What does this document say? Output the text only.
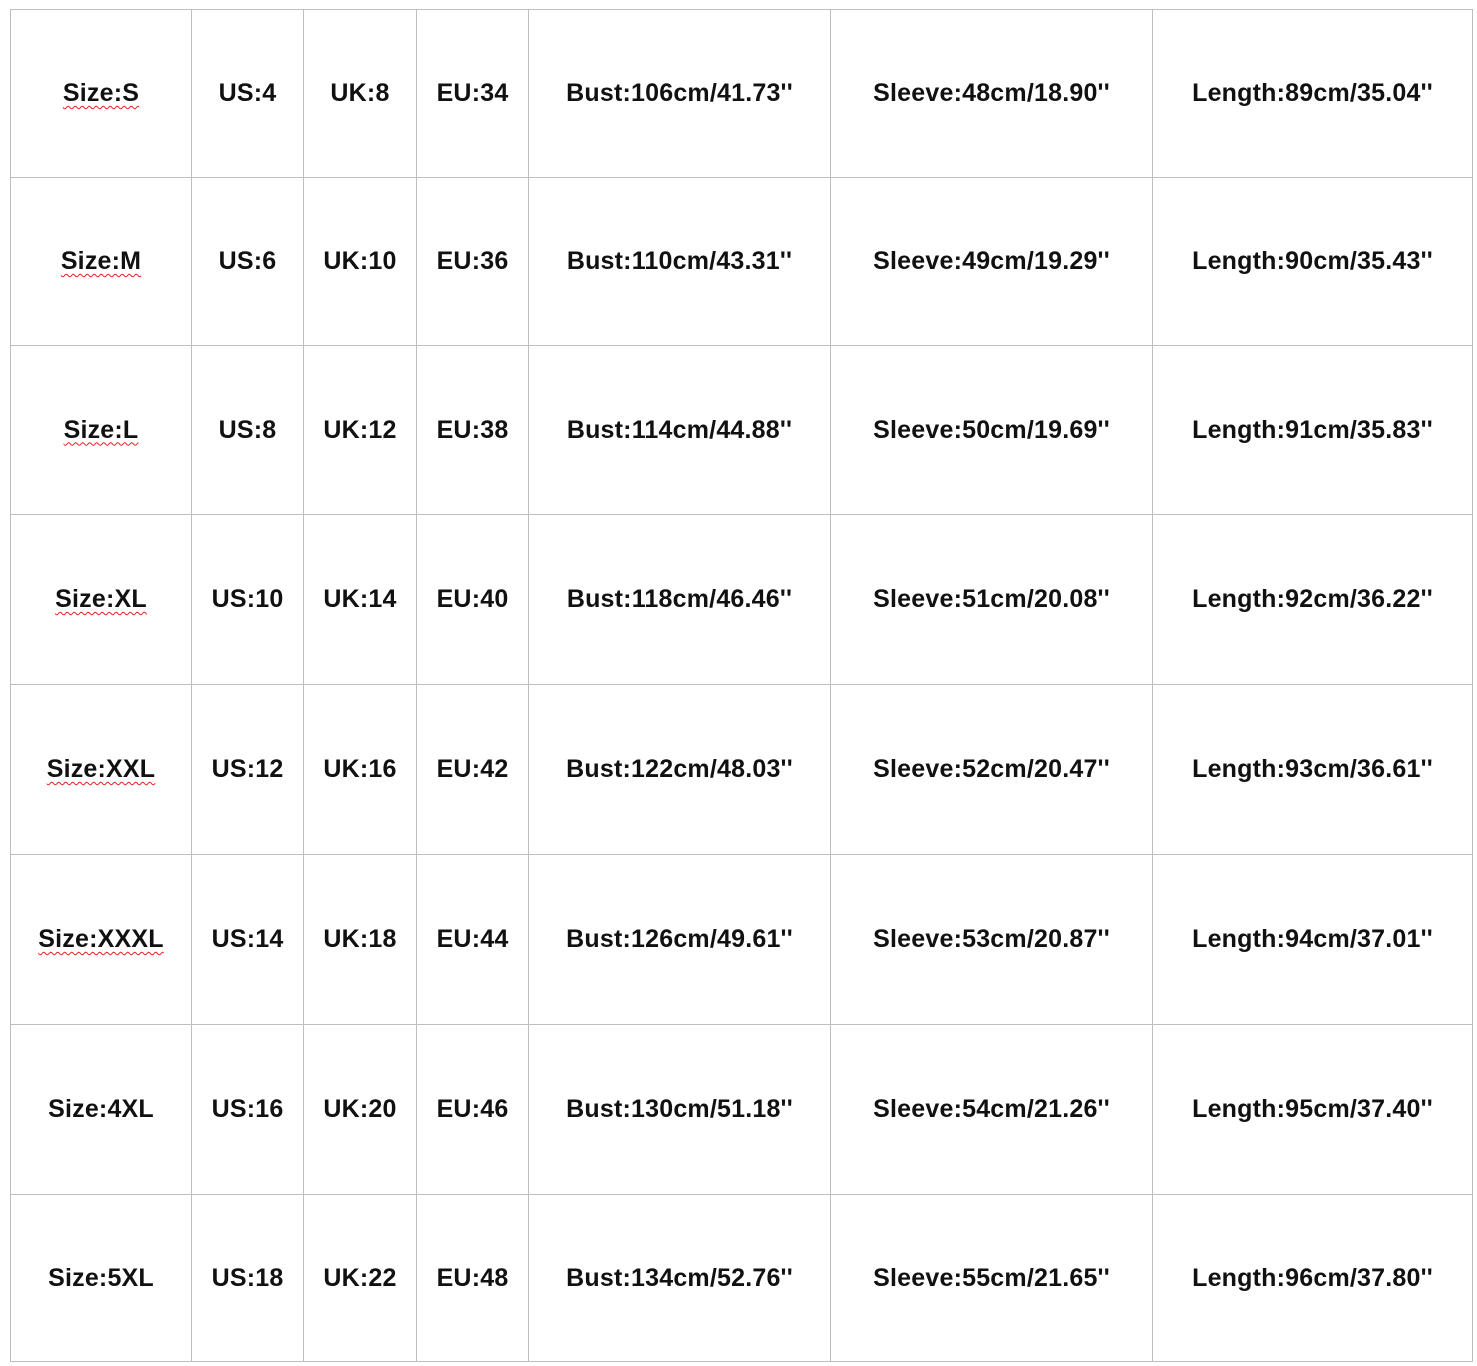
Size:S	US:4	UK:8	EU:34	Bust:106cm/41.73''	Sleeve:48cm/18.90''	Length:89cm/35.04''
Size:M	US:6	UK:10	EU:36	Bust:110cm/43.31''	Sleeve:49cm/19.29''	Length:90cm/35.43''
Size:L	US:8	UK:12	EU:38	Bust:114cm/44.88''	Sleeve:50cm/19.69''	Length:91cm/35.83''
Size:XL	US:10	UK:14	EU:40	Bust:118cm/46.46''	Sleeve:51cm/20.08''	Length:92cm/36.22''
Size:XXL	US:12	UK:16	EU:42	Bust:122cm/48.03''	Sleeve:52cm/20.47''	Length:93cm/36.61''
Size:XXXL	US:14	UK:18	EU:44	Bust:126cm/49.61''	Sleeve:53cm/20.87''	Length:94cm/37.01''
Size:4XL	US:16	UK:20	EU:46	Bust:130cm/51.18''	Sleeve:54cm/21.26''	Length:95cm/37.40''
Size:5XL	US:18	UK:22	EU:48	Bust:134cm/52.76''	Sleeve:55cm/21.65''	Length:96cm/37.80''
